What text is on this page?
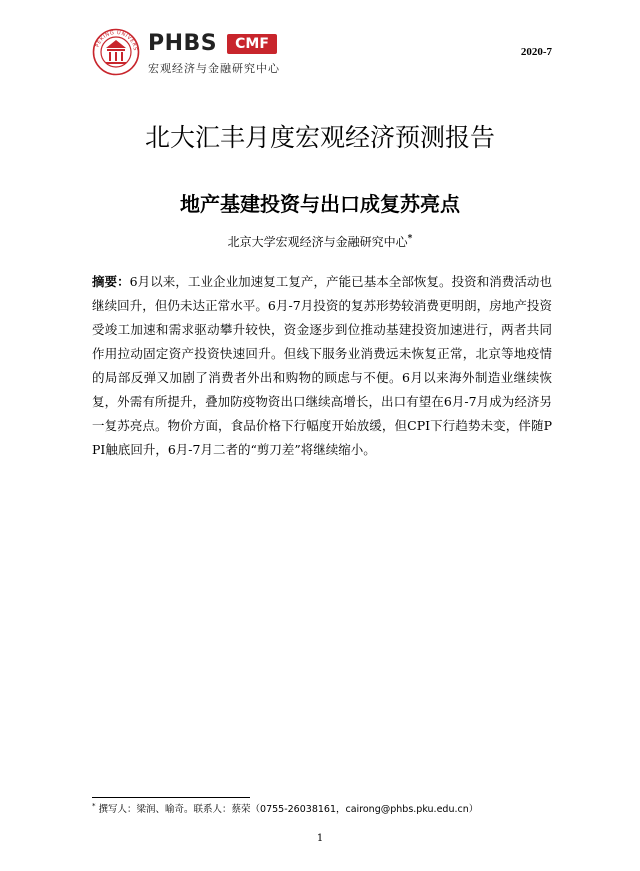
PEKING UNIVERS PHBS CMF
宏观经济与金融研究中心
2020-7
北大汇丰月度宏观经济预测报告
地产基建投资与出口成复苏亮点
北京大学宏观经济与金融研究中心*
摘要：6月以来，工业企业加速复工复产，产能已基本全部恢复。投资和消费活动也继续回升，但仍未达正常水平。6月-7月投资的复苏形势较消费更明朗，房地产投资受竣工加速和需求驱动攀升较快，资金逐步到位推动基建投资加速进行，两者共同作用拉动固定资产投资快速回升。但线下服务业消费远未恢复正常，北京等地疫情的局部反弹又加剧了消费者外出和购物的顾虑与不便。6月以来海外制造业继续恢复，外需有所提升，叠加防疫物资出口继续高增长，出口有望在6月-7月成为经济另一复苏亮点。物价方面，食品价格下行幅度开始放缓，但CPI下行趋势未变，伴随PPI触底回升，6月-7月二者的“剪刀差”将继续缩小。
* 撰写人：梁润、喻奇。联系人：蔡荣（0755-26038161，cairong@phbs.pku.edu.cn）
1
